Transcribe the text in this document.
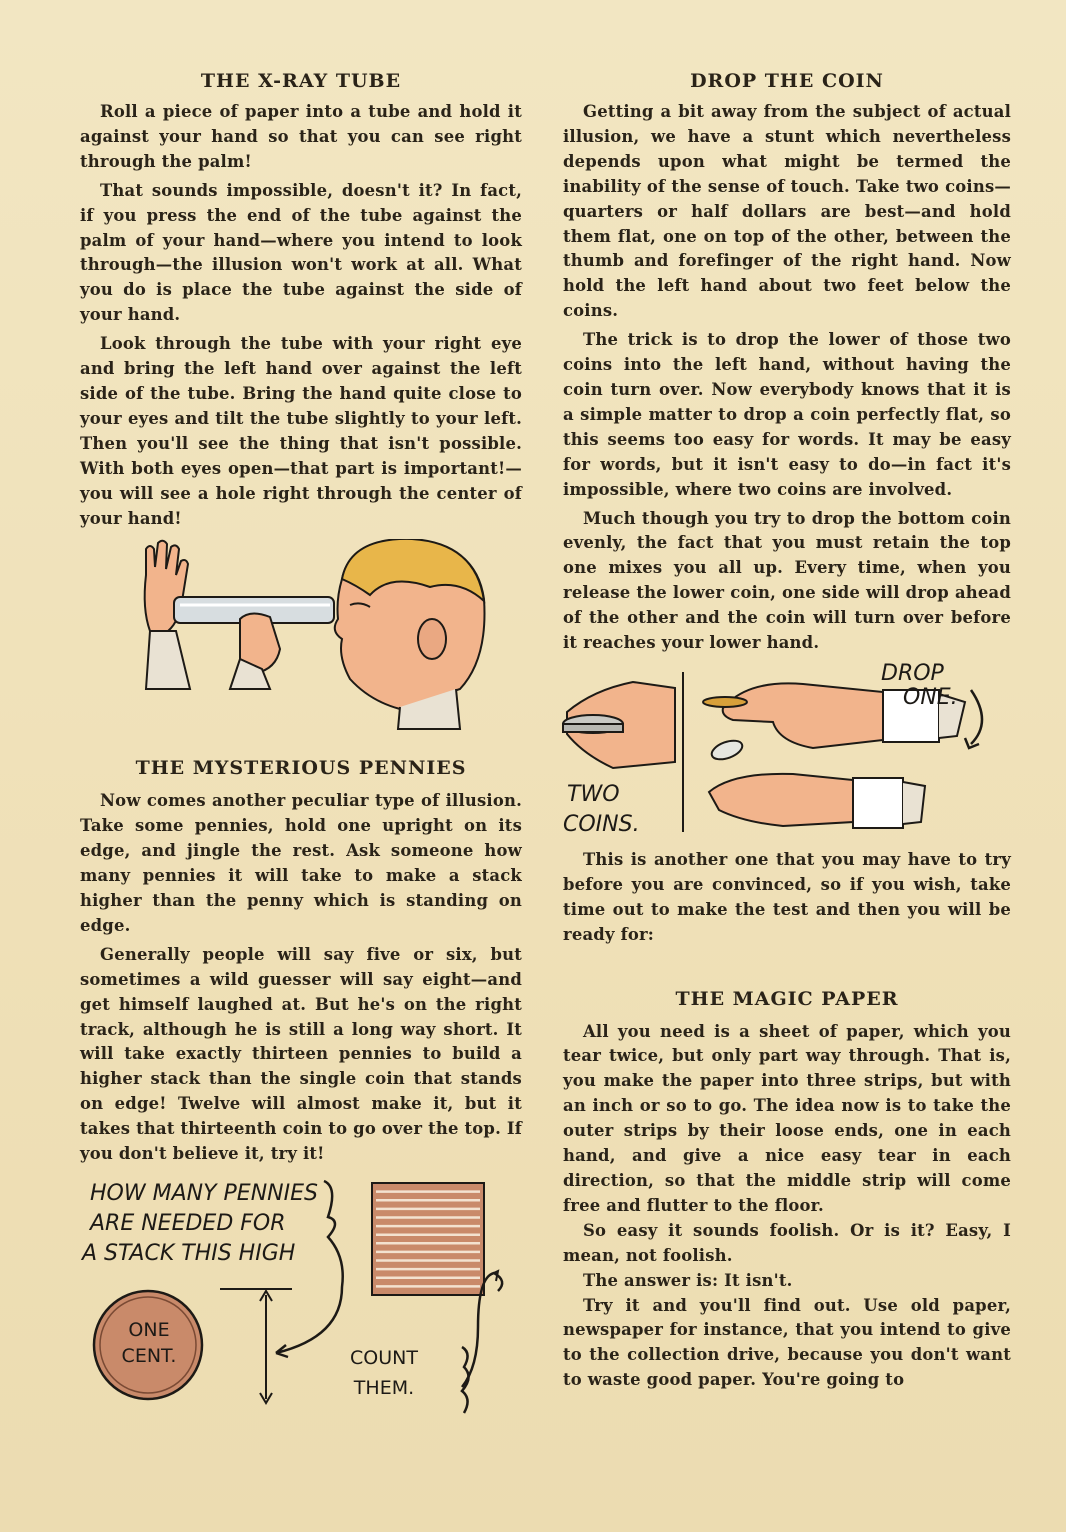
THE X-RAY TUBE

Roll a piece of paper into a tube and hold it against your hand so that you can see right through the palm!

That sounds impossible, doesn't it? In fact, if you press the end of the tube against the palm of your hand—where you intend to look through—the illusion won't work at all. What you do is place the tube against the side of your hand.

Look through the tube with your right eye and bring the left hand over against the left side of the tube. Bring the hand quite close to your eyes and tilt the tube slightly to your left. Then you'll see the thing that isn't possible. With both eyes open—that part is important!—you will see a hole right through the center of your hand!

THE MYSTERIOUS PENNIES

Now comes another peculiar type of illusion. Take some pennies, hold one upright on its edge, and jingle the rest. Ask someone how many pennies it will take to make a stack higher than the penny which is standing on edge.

Generally people will say five or six, but sometimes a wild guesser will say eight—and get himself laughed at. But he's on the right track, although he is still a long way short. It will take exactly thirteen pennies to build a higher stack than the single coin that stands on edge! Twelve will almost make it, but it takes that thirteenth coin to go over the top. If you don't believe it, try it!

HOW MANY PENNIES
ARE NEEDED FOR
A STACK THIS HIGH
ONE
CENT.	COUNT
THEM.
DROP THE COIN

Getting a bit away from the subject of actual illusion, we have a stunt which nevertheless depends upon what might be termed the inability of the sense of touch. Take two coins—quarters or half dollars are best—and hold them flat, one on top of the other, between the thumb and forefinger of the right hand. Now hold the left hand about two feet below the coins.

The trick is to drop the lower of those two coins into the left hand, without having the coin turn over. Now everybody knows that it is a simple matter to drop a coin perfectly flat, so this seems too easy for words. It may be easy for words, but it isn't easy to do—in fact it's impossible, where two coins are involved.

Much though you try to drop the bottom coin evenly, the fact that you must retain the top one mixes you all up. Every time, when you release the lower coin, one side will drop ahead of the other and the coin will turn over before it reaches your lower hand.

DROP
ONE.
TWO
COINS.

This is another one that you may have to try before you are convinced, so if you wish, take time out to make the test and then you will be ready for:

THE MAGIC PAPER

All you need is a sheet of paper, which you tear twice, but only part way through. That is, you make the paper into three strips, but with an inch or so to go. The idea now is to take the outer strips by their loose ends, one in each hand, and give a nice easy tear in each direction, so that the middle strip will come free and flutter to the floor.

So easy it sounds foolish. Or is it? Easy, I mean, not foolish.

The answer is: It isn't.

Try it and you'll find out. Use old paper, newspaper for instance, that you intend to give to the collection drive, because you don't want to waste good paper. You're going to
